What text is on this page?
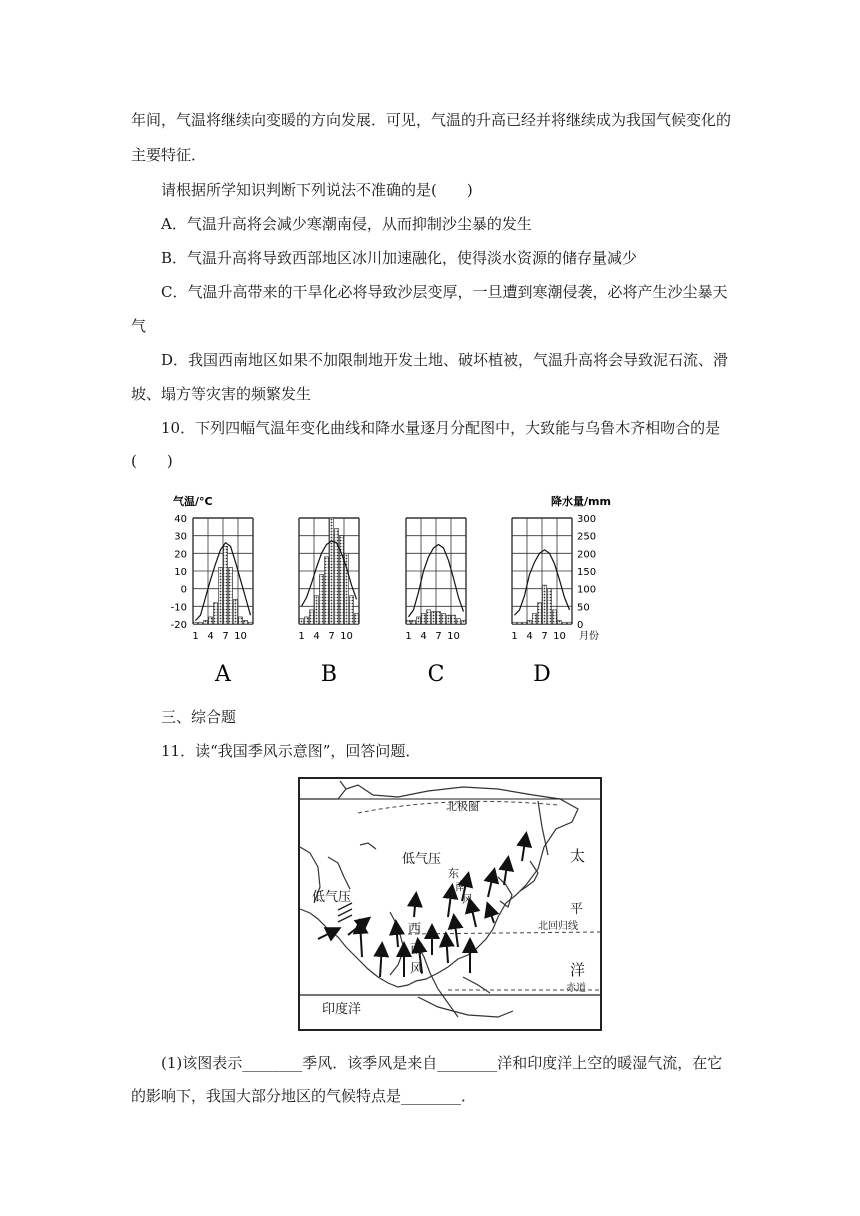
年间，气温将继续向变暖的方向发展．可见，气温的升高已经并将继续成为我国气候变化的
主要特征．
请根据所学知识判断下列说法不准确的是(　　)
A．气温升高将会减少寒潮南侵，从而抑制沙尘暴的发生
B．气温升高将导致西部地区冰川加速融化，使得淡水资源的储存量减少
C．气温升高带来的干旱化必将导致沙层变厚，一旦遭到寒潮侵袭，必将产生沙尘暴天
气
D．我国西南地区如果不加限制地开发土地、破坏植被，气温升高将会导致泥石流、滑
坡、塌方等灾害的频繁发生
10．下列四幅气温年变化曲线和降水量逐月分配图中，大致能与乌鲁木齐相吻合的是
(　　)
气温/°C	降水量/mm
40
30
20
10
0
-10
-20
300
250
200
150
100
50
0
1 4 7 10
A
1 4 7 10
B
1 4 7 10
C
1 4 7 10
D
月份
三、综合题
11．读“我国季风示意图”，回答问题．
北极圈
低气压
低气压
太
平
洋
北回归线
赤道
印度洋
东
南
风
西
南
风
(1)该图表示________季风．该季风是来自________洋和印度洋上空的暖湿气流，在它
的影响下，我国大部分地区的气候特点是________．
